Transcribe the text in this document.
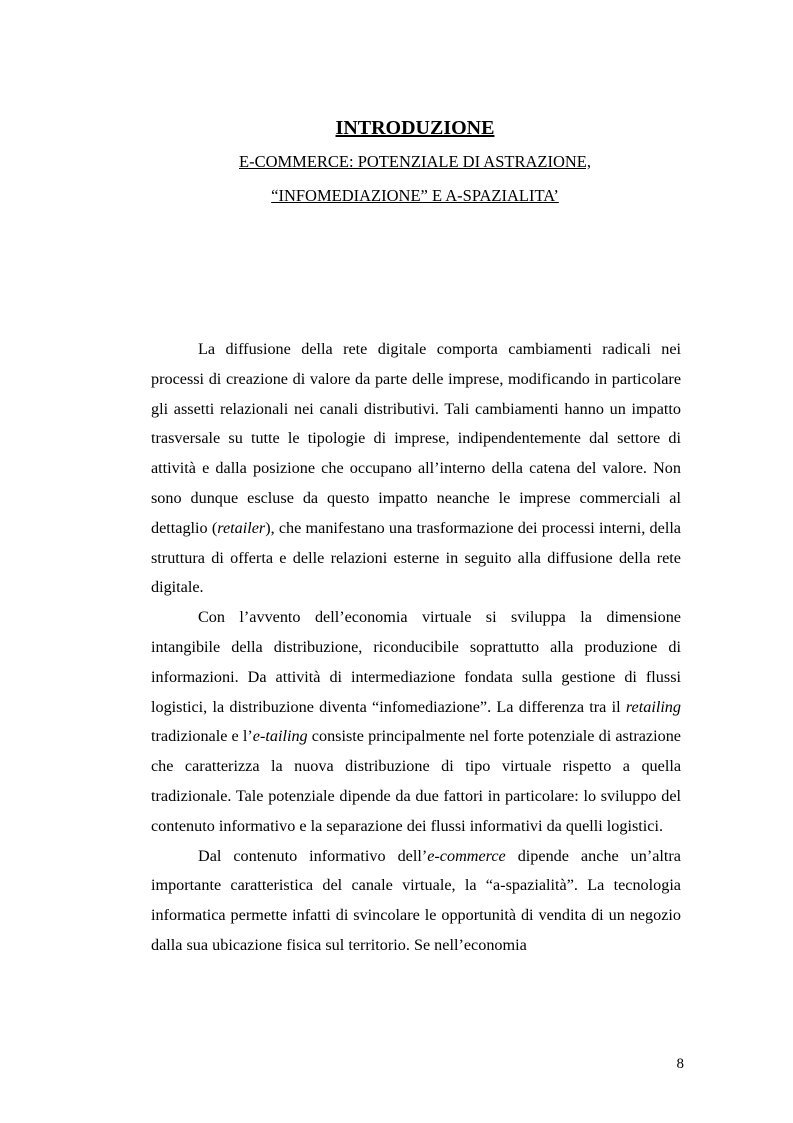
INTRODUZIONE
E-COMMERCE: POTENZIALE DI ASTRAZIONE,
“INFOMEDIAZIONE” E A-SPAZIALITA’

La diffusione della rete digitale comporta cambiamenti radicali nei processi di creazione di valore da parte delle imprese, modificando in particolare gli assetti relazionali nei canali distributivi. Tali cambiamenti hanno un impatto trasversale su tutte le tipologie di imprese, indipendentemente dal settore di attività e dalla posizione che occupano all’interno della catena del valore. Non sono dunque escluse da questo impatto neanche le imprese commerciali al dettaglio (retailer), che manifestano una trasformazione dei processi interni, della struttura di offerta e delle relazioni esterne in seguito alla diffusione della rete digitale.

Con l’avvento dell’economia virtuale si sviluppa la dimensione intangibile della distribuzione, riconducibile soprattutto alla produzione di informazioni. Da attività di intermediazione fondata sulla gestione di flussi logistici, la distribuzione diventa “infomediazione”. La differenza tra il retailing tradizionale e l’e-tailing consiste principalmente nel forte potenziale di astrazione che caratterizza la nuova distribuzione di tipo virtuale rispetto a quella tradizionale. Tale potenziale dipende da due fattori in particolare: lo sviluppo del contenuto informativo e la separazione dei flussi informativi da quelli logistici.

Dal contenuto informativo dell’e-commerce dipende anche un’altra importante caratteristica del canale virtuale, la “a-spazialità”. La tecnologia informatica permette infatti di svincolare le opportunità di vendita di un negozio dalla sua ubicazione fisica sul territorio. Se nell’economia

8
